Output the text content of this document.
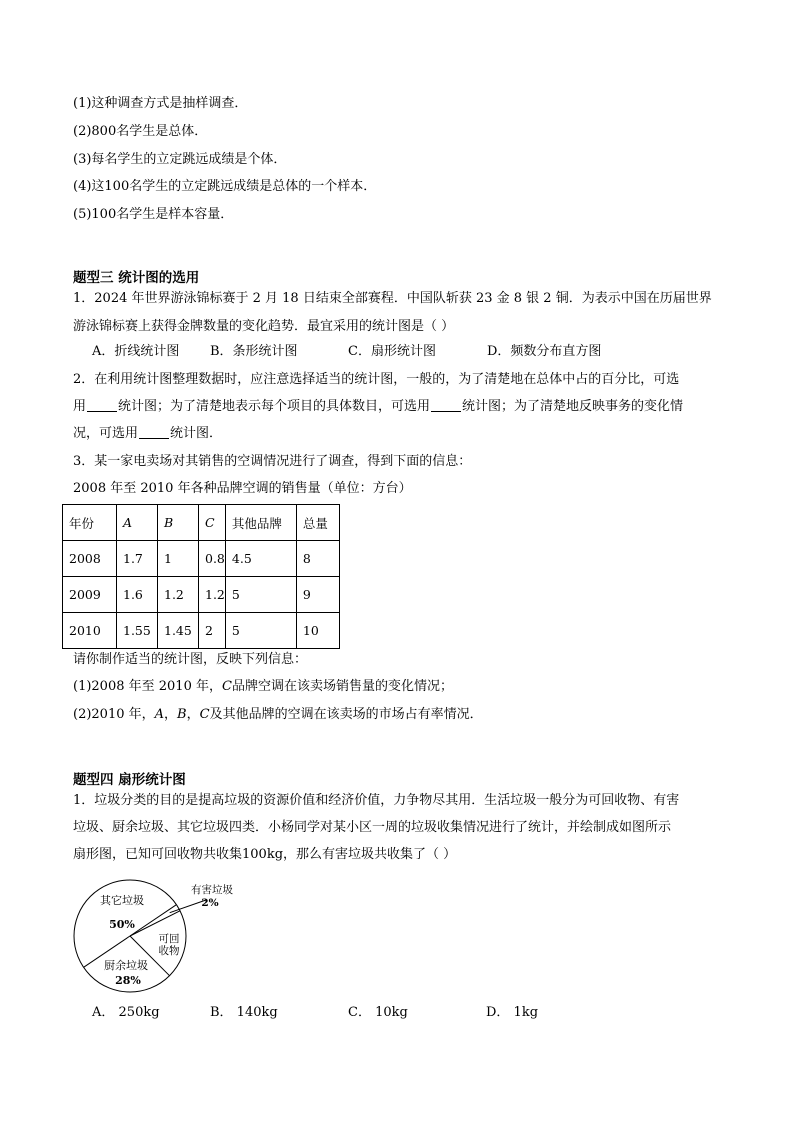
(1)这种调查方式是抽样调查．
(2)800名学生是总体．
(3)每名学生的立定跳远成绩是个体．
(4)这100名学生的立定跳远成绩是总体的一个样本．
(5)100名学生是样本容量．
题型三 统计图的选用
1．2024 年世界游泳锦标赛于 2 月 18 日结束全部赛程．中国队斩获 23 金 8 银 2 铜．为表示中国在历届世界
游泳锦标赛上获得金牌数量的变化趋势．最宜采用的统计图是（ ）
A．折线统计图 B．条形统计图	C．扇形统计图	D．频数分布直方图
2．在利用统计图整理数据时，应注意选择适当的统计图，一般的，为了清楚地在总体中占的百分比，可选
用 统计图；为了清楚地表示每个项目的具体数目，可选用 统计图；为了清楚地反映事务的变化情
况，可选用 统计图．
3．某一家电卖场对其销售的空调情况进行了调查，得到下面的信息：
2008 年至 2010 年各种品牌空调的销售量（单位：方台）
年份	A	B	C	其他品牌	总量
2008	1.7	1	0.8	4.5	8
2009	1.6	1.2	1.2	5	9
2010	1.55	1.45	2	5	10
请你制作适当的统计图，反映下列信息：
(1)2008 年至 2010 年，C品牌空调在该卖场销售量的变化情况；
(2)2010 年，A，B，C及其他品牌的空调在该卖场的市场占有率情况．
题型四 扇形统计图
1．垃圾分类的目的是提高垃圾的资源价值和经济价值，力争物尽其用．生活垃圾一般分为可回收物、有害
垃圾、厨余垃圾、其它垃圾四类．小杨同学对某小区一周的垃圾收集情况进行了统计，并绘制成如图所示
扇形图，已知可回收物共收集100kg，那么有害垃圾共收集了（ ）
其它垃圾
50%
有害垃圾
2%
可回
收物
厨余垃圾
28%
A． 250kg	B． 140kg	C． 10kg	D． 1kg
